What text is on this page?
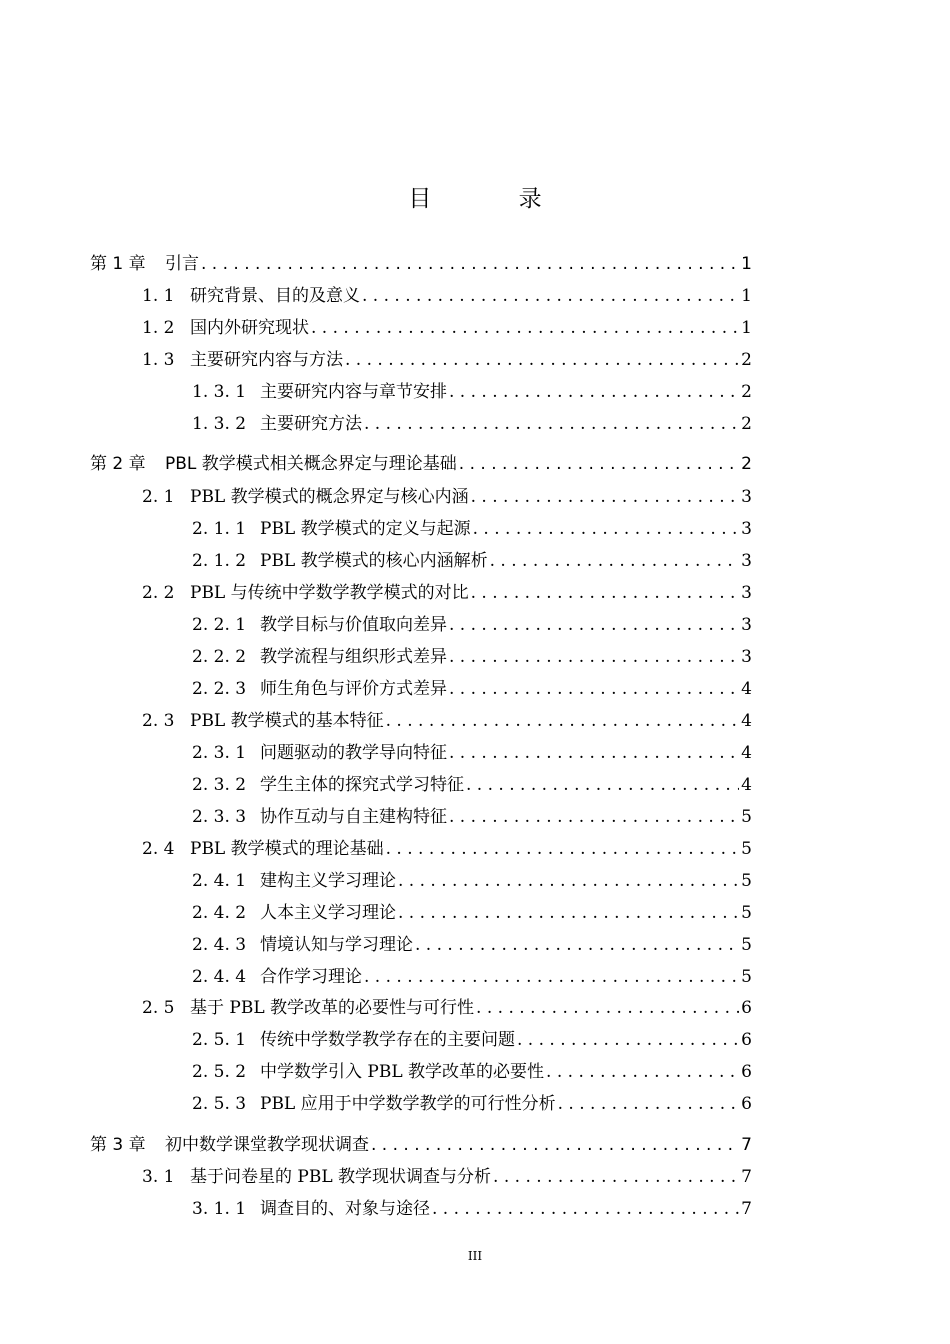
目 录
第 1 章	引言 . . .	1
1. 1 研究背景、目的及意义 . . .	1
1. 2 国内外研究现状 . . .	1
1. 3 主要研究内容与方法 . . .	2
1. 3. 1 主要研究内容与章节安排 . . .	2
1. 3. 2 主要研究方法 . . .	2
第 2 章	PBL 教学模式相关概念界定与理论基础 . . .	2
2. 1 PBL 教学模式的概念界定与核心内涵 . . .	3
2. 1. 1 PBL 教学模式的定义与起源 . . .	3
2. 1. 2 PBL 教学模式的核心内涵解析 . . .	3
2. 2 PBL 与传统中学数学教学模式的对比 . . .	3
2. 2. 1 教学目标与价值取向差异 . . .	3
2. 2. 2 教学流程与组织形式差异 . . .	3
2. 2. 3 师生角色与评价方式差异 . . .	4
2. 3 PBL 教学模式的基本特征 . . .	4
2. 3. 1 问题驱动的教学导向特征 . . .	4
2. 3. 2 学生主体的探究式学习特征 . . .	4
2. 3. 3 协作互动与自主建构特征 . . .	5
2. 4 PBL 教学模式的理论基础 . . .	5
2. 4. 1 建构主义学习理论 . . .	5
2. 4. 2 人本主义学习理论 . . .	5
2. 4. 3 情境认知与学习理论 . . .	5
2. 4. 4 合作学习理论 . . .	5
2. 5 基于 PBL 教学改革的必要性与可行性 . . .	6
2. 5. 1 传统中学数学教学存在的主要问题 . . .	6
2. 5. 2 中学数学引入 PBL 教学改革的必要性 . . .	6
2. 5. 3 PBL 应用于中学数学教学的可行性分析 . . .	6
第 3 章	初中数学课堂教学现状调查 . . .	7
3. 1 基于问卷星的 PBL 教学现状调查与分析 . . .	7
3. 1. 1 调查目的、对象与途径 . . .	7
III
